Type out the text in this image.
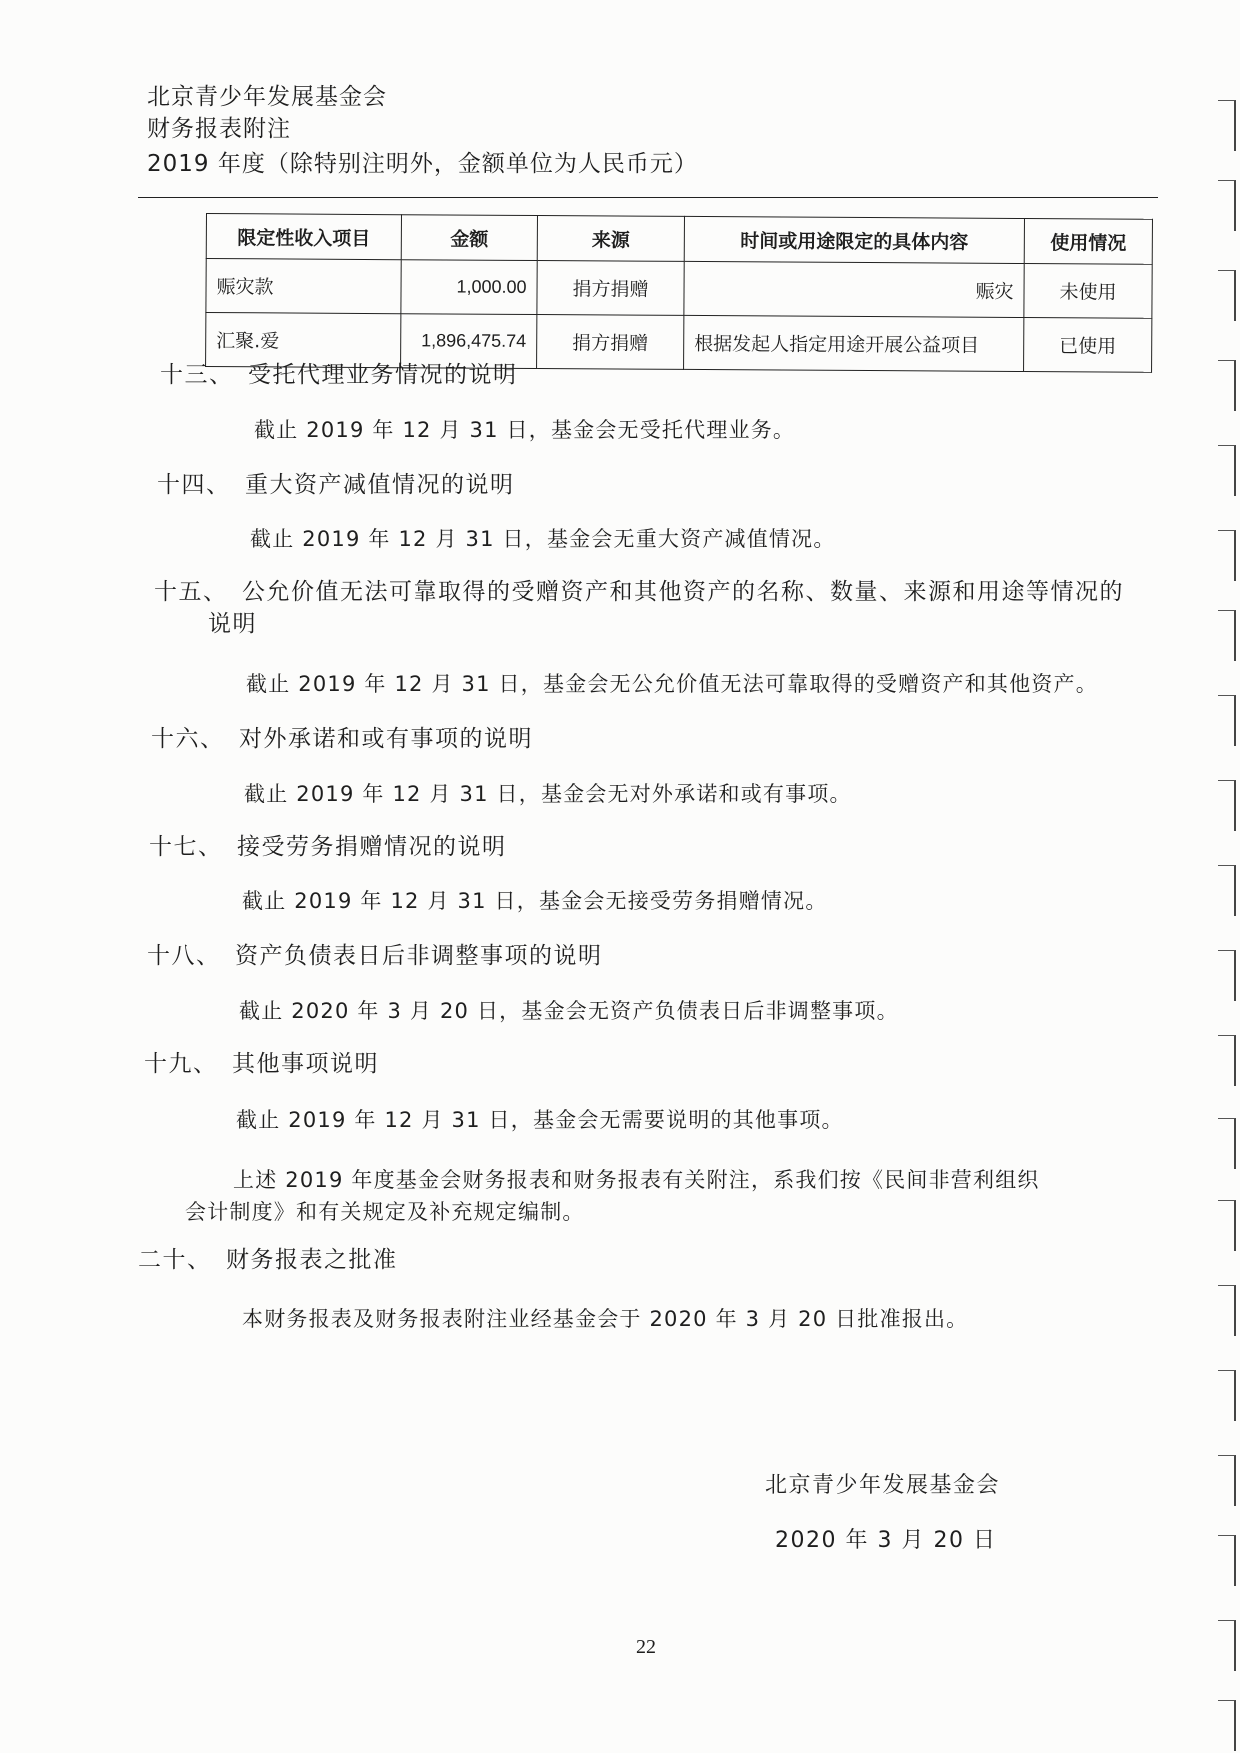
北京青少年发展基金会
财务报表附注
2019 年度（除特别注明外，金额单位为人民币元）
限定性收入项目	金额	来源	时间或用途限定的具体内容	使用情况
赈灾款	1,000.00	捐方捐赠	赈灾	未使用
汇聚.爱	1,896,475.74	捐方捐赠	根据发起人指定用途开展公益项目	已使用
十三、 受托代理业务情况的说明
截止 2019 年 12 月 31 日，基金会无受托代理业务。
十四、 重大资产减值情况的说明
截止 2019 年 12 月 31 日，基金会无重大资产减值情况。
十五、 公允价值无法可靠取得的受赠资产和其他资产的名称、数量、来源和用途等情况的
说明
截止 2019 年 12 月 31 日，基金会无公允价值无法可靠取得的受赠资产和其他资产。
十六、 对外承诺和或有事项的说明
截止 2019 年 12 月 31 日，基金会无对外承诺和或有事项。
十七、 接受劳务捐赠情况的说明
截止 2019 年 12 月 31 日，基金会无接受劳务捐赠情况。
十八、 资产负债表日后非调整事项的说明
截止 2020 年 3 月 20 日，基金会无资产负债表日后非调整事项。
十九、 其他事项说明
截止 2019 年 12 月 31 日，基金会无需要说明的其他事项。
上述 2019 年度基金会财务报表和财务报表有关附注，系我们按《民间非营利组织
会计制度》和有关规定及补充规定编制。
二十、 财务报表之批准
本财务报表及财务报表附注业经基金会于 2020 年 3 月 20 日批准报出。
北京青少年发展基金会
2020 年 3 月 20 日
22
